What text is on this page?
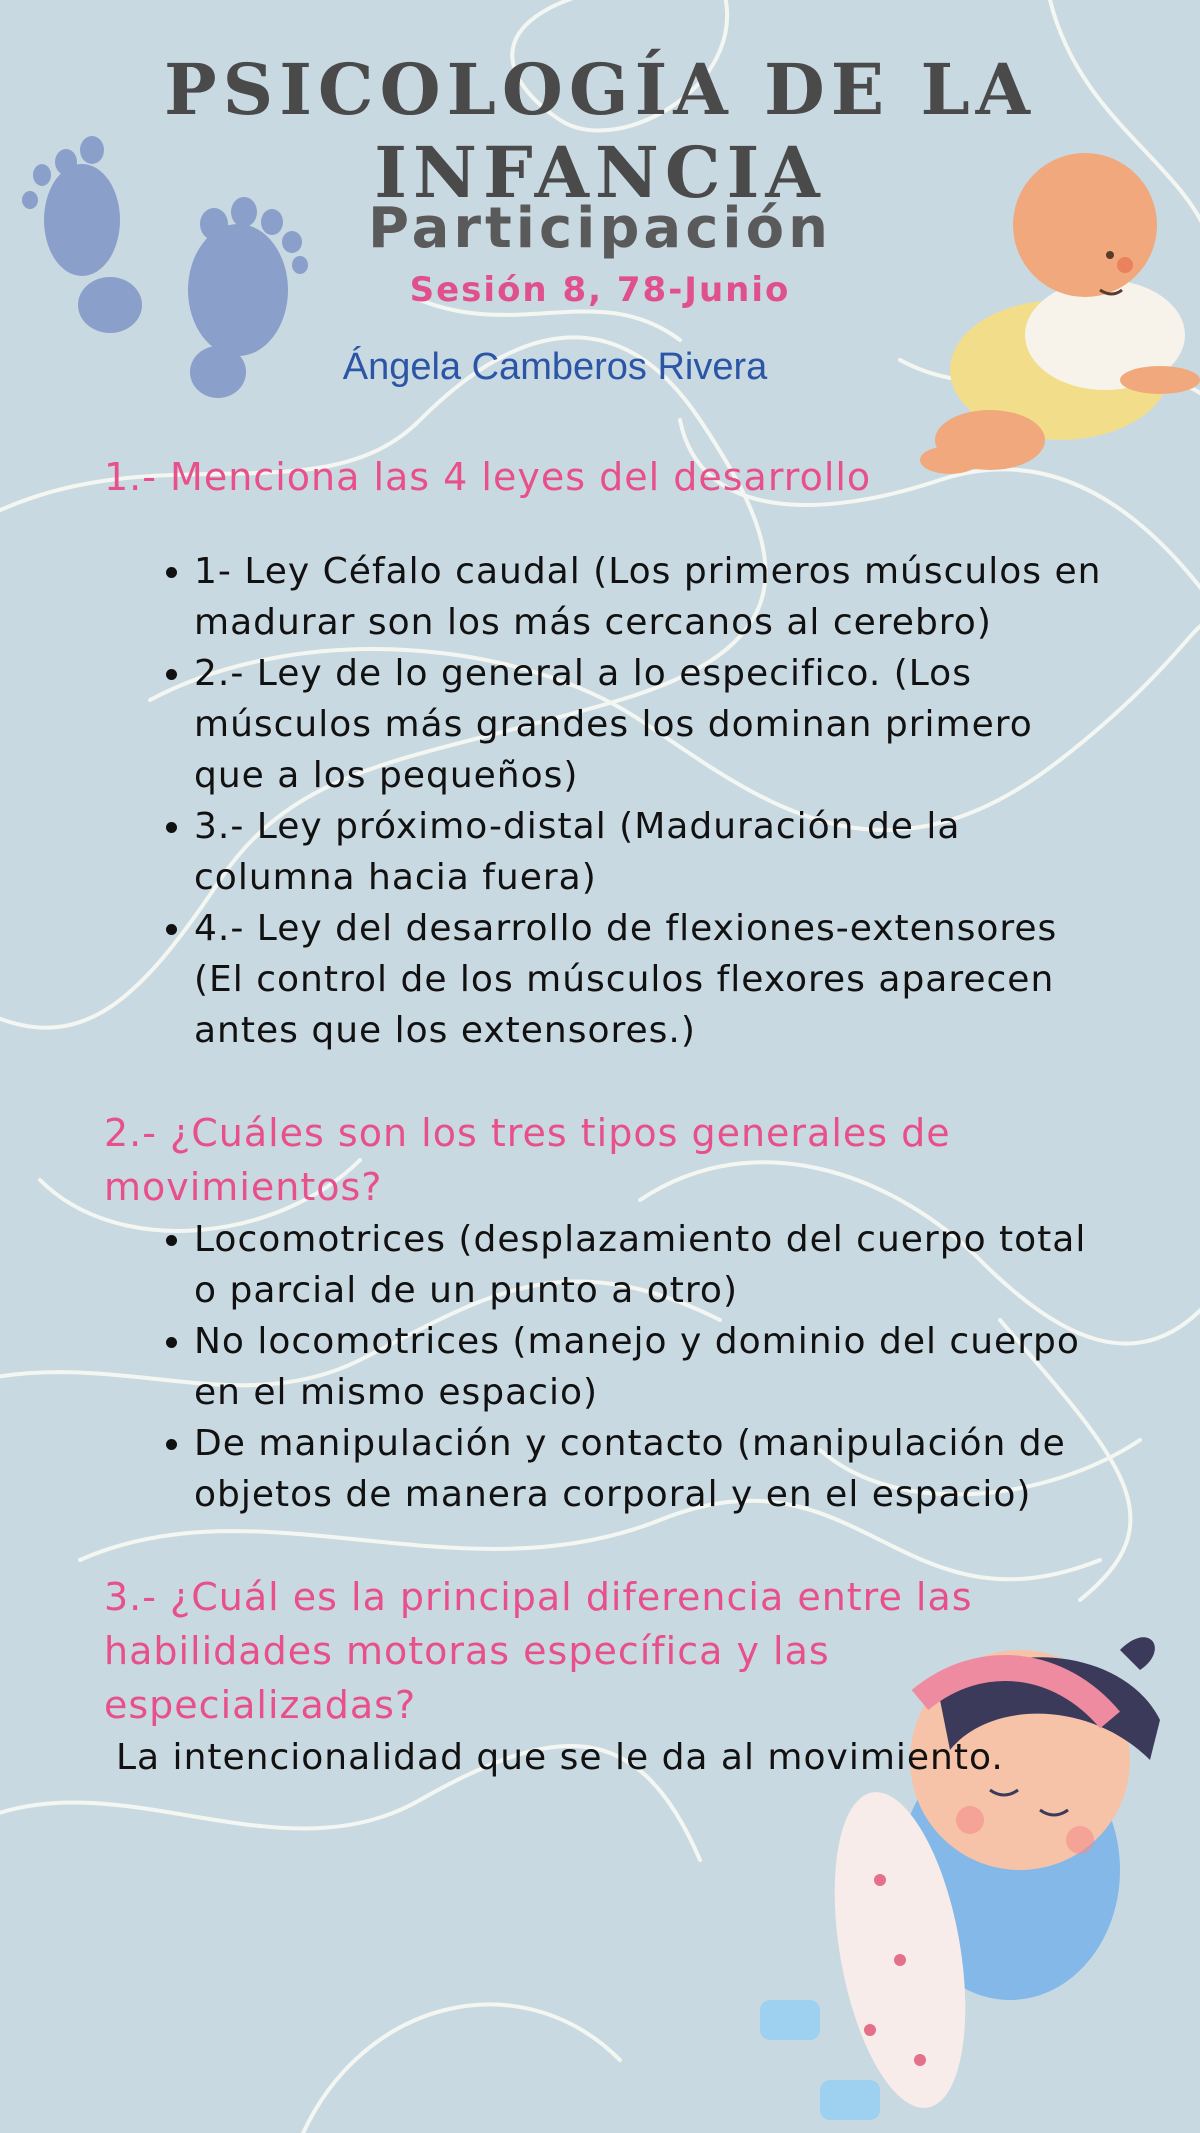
PSICOLOGÍA DE LA INFANCIA
Participación
Sesión 8, 78-Junio
Ángela Camberos Rivera

1.- Menciona las 4 leyes del desarrollo

• 1- Ley Céfalo caudal (Los primeros músculos en madurar son los más cercanos al cerebro)
• 2.- Ley de lo general a lo especifico. (Los músculos más grandes los dominan primero que a los pequeños)
• 3.- Ley próximo-distal (Maduración de la columna hacia fuera)
• 4.- Ley del desarrollo de flexiones-extensores (El control de los músculos flexores aparecen antes que los extensores.)

2.- ¿Cuáles son los tres tipos generales de movimientos?

• Locomotrices (desplazamiento del cuerpo total o parcial de un punto a otro)
• No locomotrices (manejo y dominio del cuerpo en el mismo espacio)
• De manipulación y contacto (manipulación de objetos de manera corporal y en el espacio)

3.- ¿Cuál es la principal diferencia entre las habilidades motoras específica y las especializadas?

La intencionalidad que se le da al movimiento.
